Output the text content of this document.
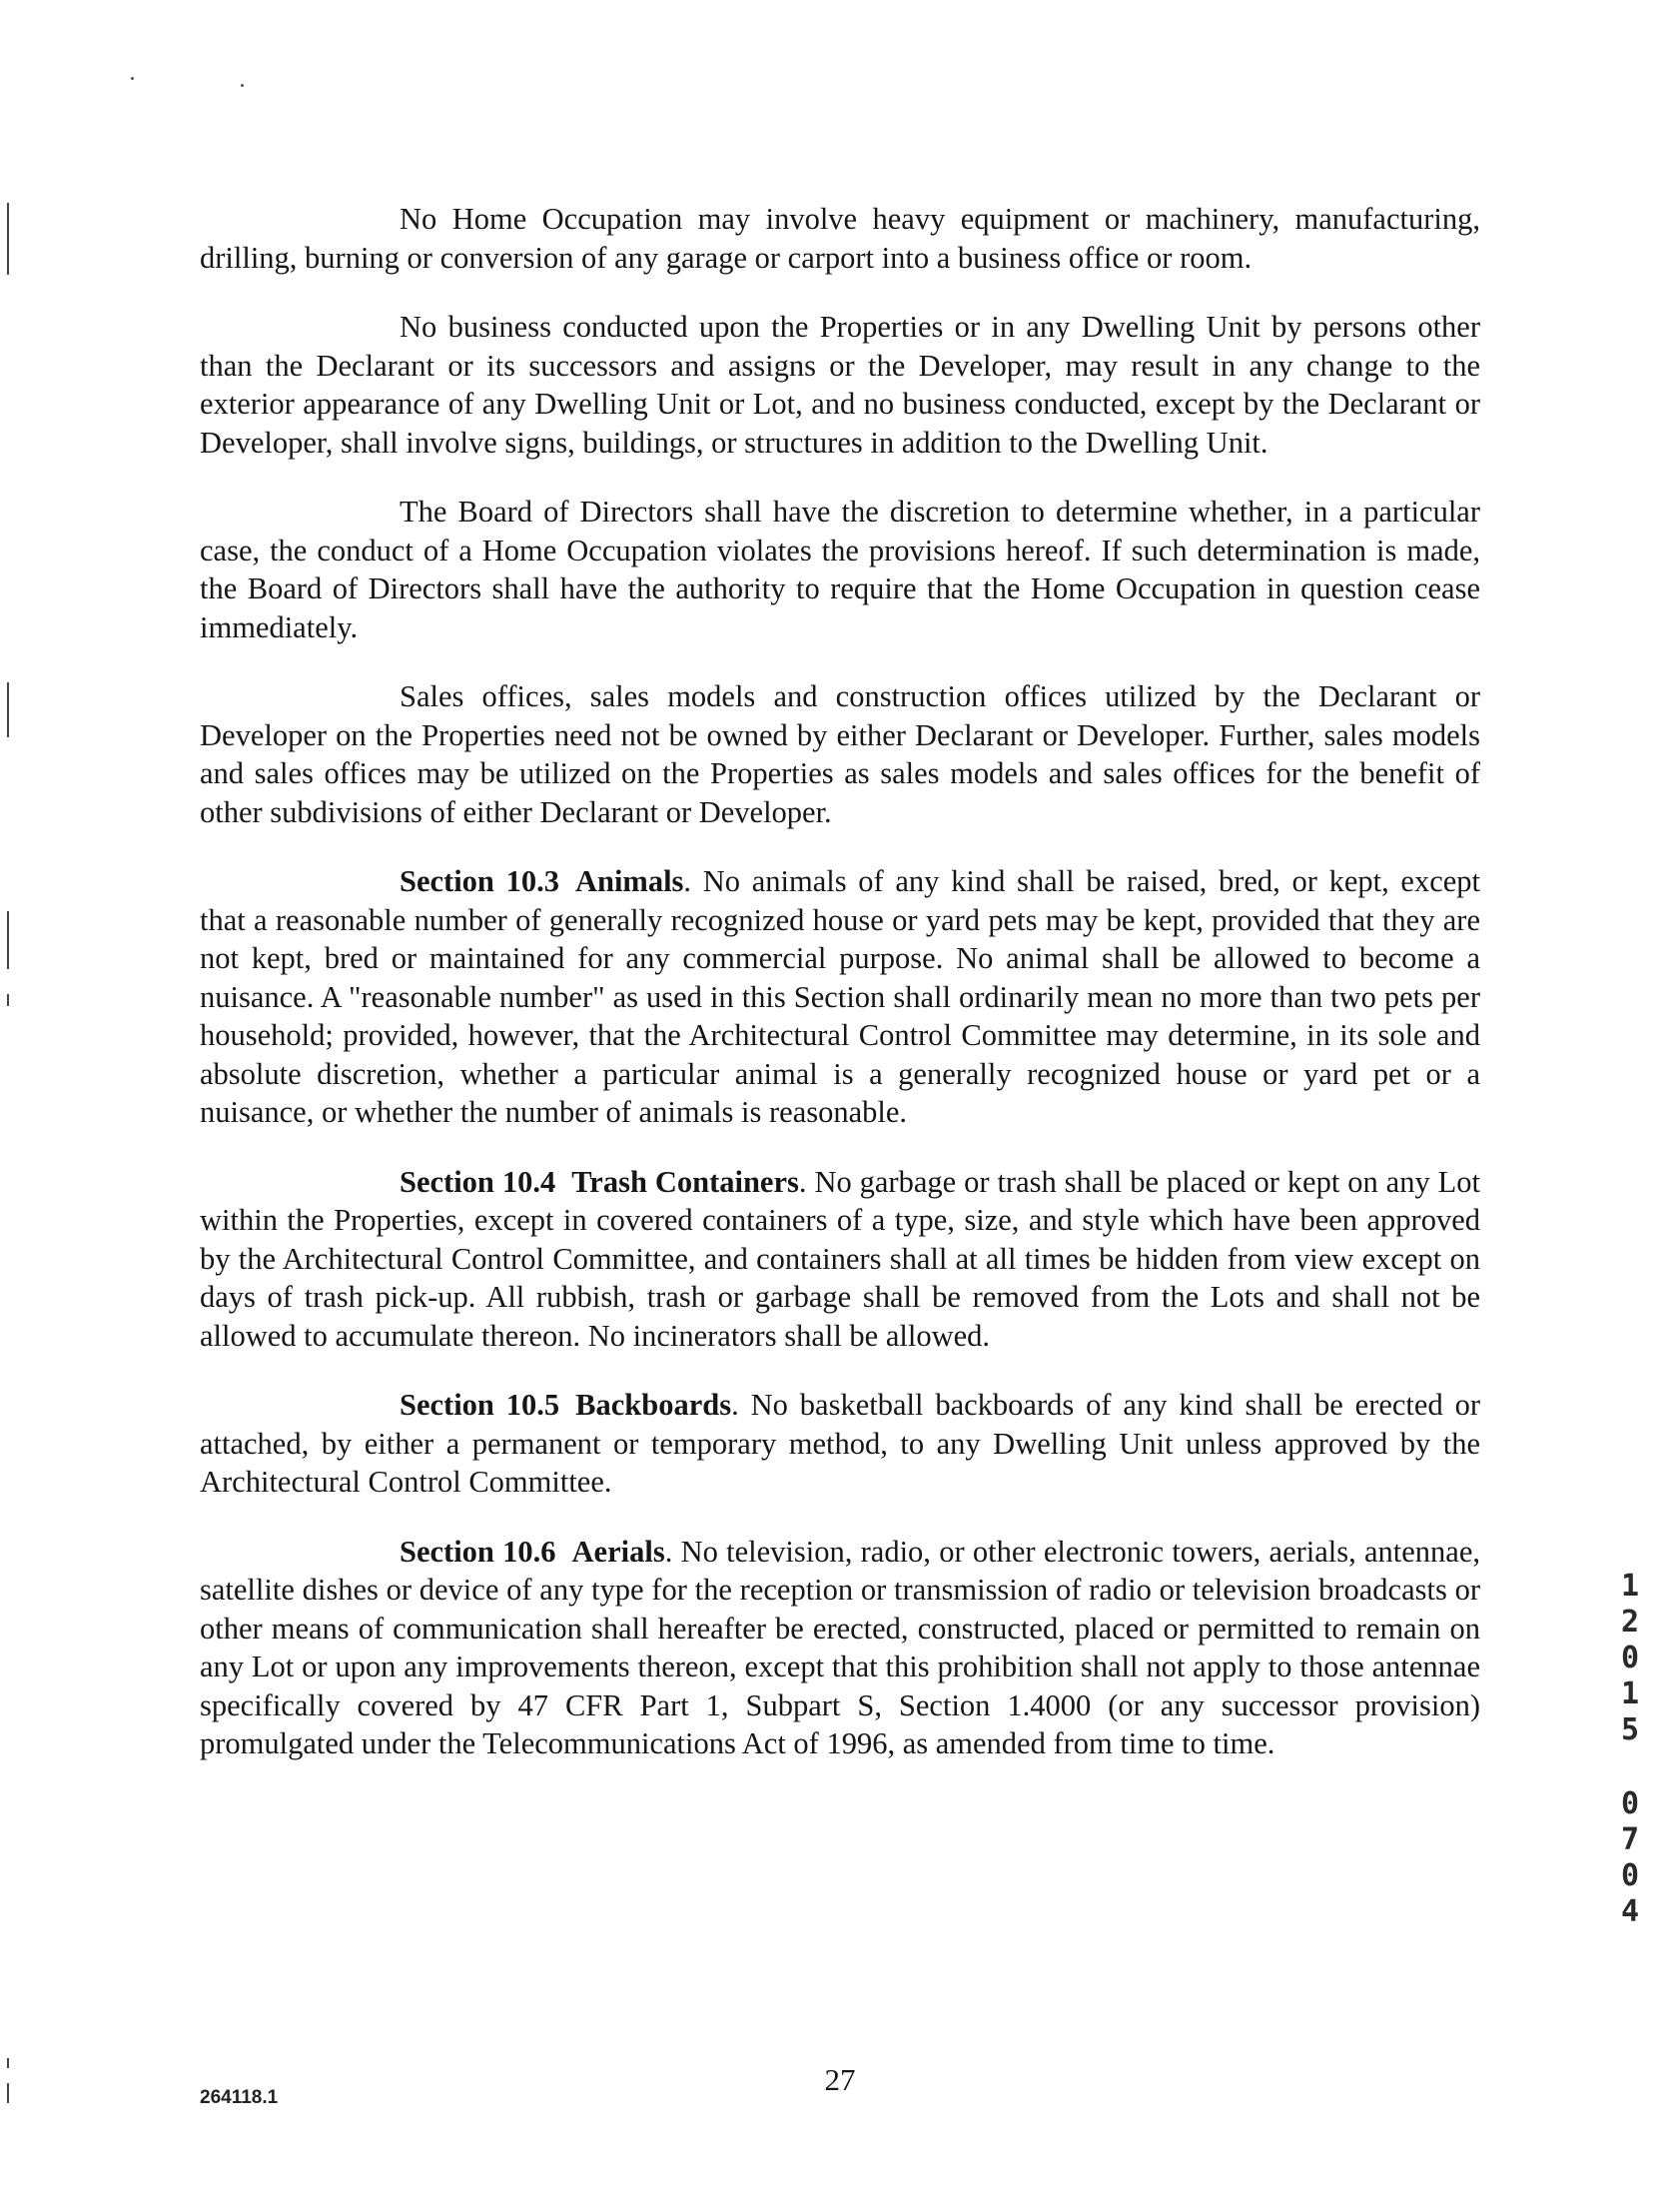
No Home Occupation may involve heavy equipment or machinery, manufacturing, drilling, burning or conversion of any garage or carport into a business office or room.

No business conducted upon the Properties or in any Dwelling Unit by persons other than the Declarant or its successors and assigns or the Developer, may result in any change to the exterior appearance of any Dwelling Unit or Lot, and no business conducted, except by the Declarant or Developer, shall involve signs, buildings, or structures in addition to the Dwelling Unit.

The Board of Directors shall have the discretion to determine whether, in a particular case, the conduct of a Home Occupation violates the provisions hereof. If such determination is made, the Board of Directors shall have the authority to require that the Home Occupation in question cease immediately.

Sales offices, sales models and construction offices utilized by the Declarant or Developer on the Properties need not be owned by either Declarant or Developer. Further, sales models and sales offices may be utilized on the Properties as sales models and sales offices for the benefit of other subdivisions of either Declarant or Developer.

Section 10.3 Animals. No animals of any kind shall be raised, bred, or kept, except that a reasonable number of generally recognized house or yard pets may be kept, provided that they are not kept, bred or maintained for any commercial purpose. No animal shall be allowed to become a nuisance. A "reasonable number" as used in this Section shall ordinarily mean no more than two pets per household; provided, however, that the Architectural Control Committee may determine, in its sole and absolute discretion, whether a particular animal is a generally recognized house or yard pet or a nuisance, or whether the number of animals is reasonable.

Section 10.4 Trash Containers. No garbage or trash shall be placed or kept on any Lot within the Properties, except in covered containers of a type, size, and style which have been approved by the Architectural Control Committee, and containers shall at all times be hidden from view except on days of trash pick-up. All rubbish, trash or garbage shall be removed from the Lots and shall not be allowed to accumulate thereon. No incinerators shall be allowed.

Section 10.5 Backboards. No basketball backboards of any kind shall be erected or attached, by either a permanent or temporary method, to any Dwelling Unit unless approved by the Architectural Control Committee.

Section 10.6 Aerials. No television, radio, or other electronic towers, aerials, antennae, satellite dishes or device of any type for the reception or transmission of radio or television broadcasts or other means of communication shall hereafter be erected, constructed, placed or permitted to remain on any Lot or upon any improvements thereon, except that this prohibition shall not apply to those antennae specifically covered by 47 CFR Part 1, Subpart S, Section 1.4000 (or any successor provision) promulgated under the Telecommunications Act of 1996, as amended from time to time.

1
2
0
1
5
0
7
0
4
264118.1
27
